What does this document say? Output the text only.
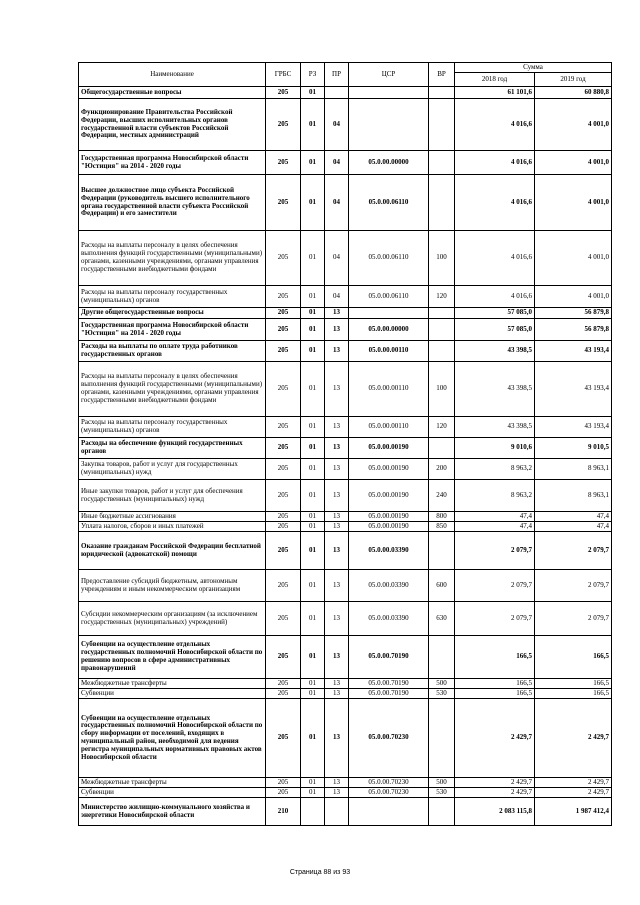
Наименование	ГРБС	РЗ	ПР	ЦСР	ВР	Сумма	
						2018 год	2019 год
Общегосударственные вопросы	205	01				61 101,6	60 880,8
Функционирование Правительства Российской Федерации, высших исполнительных органов государственной власти субъектов Российской Федерации, местных администраций	205	01	04			4 016,6	4 001,0
Государственная программа Новосибирской области "Юстиция" на 2014 - 2020 годы	205	01	04	05.0.00.00000		4 016,6	4 001,0
Высшее должностное лицо субъекта Российской Федерации (руководитель высшего исполнительного органа государственной власти субъекта Российской Федерации) и его заместители	205	01	04	05.0.00.06110		4 016,6	4 001,0
Расходы на выплаты персоналу в целях обеспечения выполнения функций государственными (муниципальными) органами, казенными учреждениями, органами управления государственными внебюджетными фондами	205	01	04	05.0.00.06110	100	4 016,6	4 001,0
Расходы на выплаты персоналу государственных (муниципальных) органов	205	01	04	05.0.00.06110	120	4 016,6	4 001,0
Другие общегосударственные вопросы	205	01	13			57 085,0	56 879,8
Государственная программа Новосибирской области "Юстиция" на 2014 - 2020 годы	205	01	13	05.0.00.00000		57 085,0	56 879,8
Расходы на выплаты по оплате труда работников государственных органов	205	01	13	05.0.00.00110		43 398,5	43 193,4
Расходы на выплаты персоналу в целях обеспечения выполнения функций государственными (муниципальными) органами, казенными учреждениями, органами управления государственными внебюджетными фондами	205	01	13	05.0.00.00110	100	43 398,5	43 193,4
Расходы на выплаты персоналу государственных (муниципальных) органов	205	01	13	05.0.00.00110	120	43 398,5	43 193,4
Расходы на обеспечение функций государственных органов	205	01	13	05.0.00.00190		9 010,6	9 010,5
Закупка товаров, работ и услуг для государственных (муниципальных) нужд	205	01	13	05.0.00.00190	200	8 963,2	8 963,1
Иные закупки товаров, работ и услуг для обеспечения государственных (муниципальных) нужд	205	01	13	05.0.00.00190	240	8 963,2	8 963,1
Иные бюджетные ассигнования	205	01	13	05.0.00.00190	800	47,4	47,4
Уплата налогов, сборов и иных платежей	205	01	13	05.0.00.00190	850	47,4	47,4
Оказание гражданам Российской Федерации бесплатной юридической (адвокатской) помощи	205	01	13	05.0.00.03390		2 079,7	2 079,7
Предоставление субсидий бюджетным, автономным учреждениям и иным некоммерческим организациям	205	01	13	05.0.00.03390	600	2 079,7	2 079,7
Субсидии некоммерческим организациям (за исключением государственных (муниципальных) учреждений)	205	01	13	05.0.00.03390	630	2 079,7	2 079,7
Субвенции на осуществление отдельных государственных полномочий Новосибирской области по решению вопросов в сфере административных правонарушений	205	01	13	05.0.00.70190		166,5	166,5
Межбюджетные трансферты	205	01	13	05.0.00.70190	500	166,5	166,5
Субвенции	205	01	13	05.0.00.70190	530	166,5	166,5
Субвенции на осуществление отдельных государственных полномочий Новосибирской области по сбору информации от поселений, входящих в муниципальный район, необходимой для ведения регистра муниципальных нормативных правовых актов Новосибирской области	205	01	13	05.0.00.70230		2 429,7	2 429,7
Межбюджетные трансферты	205	01	13	05.0.00.70230	500	2 429,7	2 429,7
Субвенции	205	01	13	05.0.00.70230	530	2 429,7	2 429,7
Министерство жилищно-коммунального хозяйства и энергетики Новосибирской области	210					2 083 115,8	1 987 412,4
Страница 88 из 93
